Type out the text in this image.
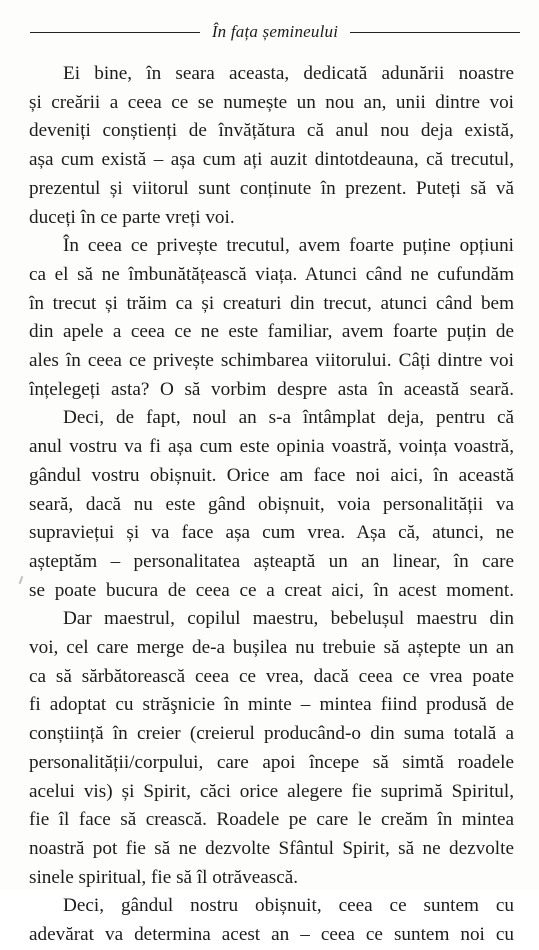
În fața șemineului
Ei bine, în seara aceasta, dedicată adunării noastre
și creării a ceea ce se numește un nou an, unii dintre voi
deveniți conștienți de învățătura că anul nou deja există,
așa cum există – așa cum ați auzit dintotdeauna, că trecutul,
prezentul și viitorul sunt conținute în prezent. Puteți să vă
duceți în ce parte vreți voi.
În ceea ce privește trecutul, avem foarte puține opțiuni
ca el să ne îmbunătățească viața. Atunci când ne cufundăm
în trecut și trăim ca și creaturi din trecut, atunci când bem
din apele a ceea ce ne este familiar, avem foarte puțin de
ales în ceea ce privește schimbarea viitorului. Câți dintre voi
înțelegeți asta? O să vorbim despre asta în această seară.
Deci, de fapt, noul an s-a întâmplat deja, pentru că
anul vostru va fi așa cum este opinia voastră, voința voastră,
gândul vostru obișnuit. Orice am face noi aici, în această
seară, dacă nu este gând obișnuit, voia personalității va
supraviețui și va face așa cum vrea. Așa că, atunci, ne
așteptăm – personalitatea așteaptă un an linear, în care
se poate bucura de ceea ce a creat aici, în acest moment.
Dar maestrul, copilul maestru, bebelușul maestru din
voi, cel care merge de-a bușilea nu trebuie să aștepte un an
ca să sărbătorească ceea ce vrea, dacă ceea ce vrea poate
fi adoptat cu străşnicie în minte – mintea fiind produsă de
conștiință în creier (creierul producând-o din suma totală a
personalității/corpului, care apoi începe să simtă roadele
acelui vis) și Spirit, căci orice alegere fie suprimă Spiritul,
fie îl face să crească. Roadele pe care le creăm în mintea
noastră pot fie să ne dezvolte Sfântul Spirit, să ne dezvolte
sinele spiritual, fie să îl otrăvească.
Deci, gândul nostru obișnuit, ceea ce suntem cu
adevărat va determina acest an – ceea ce suntem noi cu
